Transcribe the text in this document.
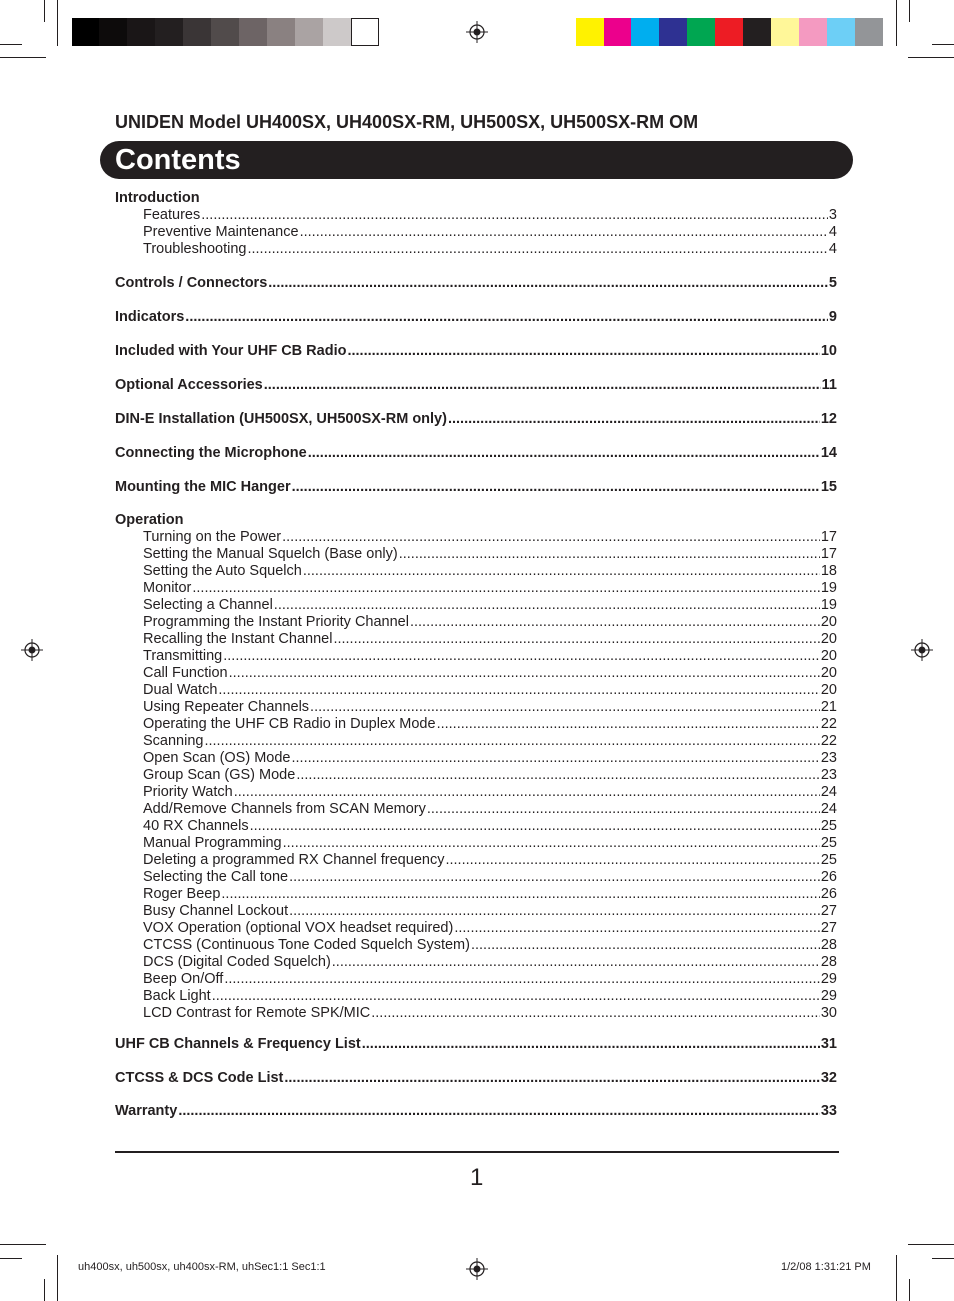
UNIDEN Model UH400SX, UH400SX-RM, UH500SX, UH500SX-RM OM
Contents
Introduction
Features .....	3
Preventive Maintenance .....	4
Troubleshooting .....	4
Controls / Connectors .....	5
Indicators .....	9
Included with Your UHF CB Radio .....	10
Optional Accessories .....	11
DIN-E Installation (UH500SX, UH500SX-RM only) .....	12
Connecting the Microphone .....	14
Mounting the MIC Hanger .....	15
Operation
Turning on the Power .....	17
Setting the Manual Squelch (Base only) .....	17
Setting the Auto Squelch .....	18
Monitor .....	19
Selecting a Channel .....	19
Programming the Instant Priority Channel .....	20
Recalling the Instant Channel .....	20
Transmitting .....	20
Call Function .....	20
Dual Watch .....	20
Using Repeater Channels .....	21
Operating the UHF CB Radio in Duplex Mode .....	22
Scanning .....	22
Open Scan (OS) Mode .....	23
Group Scan (GS) Mode .....	23
Priority Watch .....	24
Add/Remove Channels from SCAN Memory .....	24
40 RX Channels .....	25
Manual Programming .....	25
Deleting a programmed RX Channel frequency .....	25
Selecting the Call tone .....	26
Roger Beep .....	26
Busy Channel Lockout .....	27
VOX Operation (optional VOX headset required) .....	27
CTCSS (Continuous Tone Coded Squelch System) .....	28
DCS (Digital Coded Squelch) .....	28
Beep On/Off .....	29
Back Light .....	29
LCD Contrast for Remote SPK/MIC .....	30
UHF CB Channels & Frequency List .....	31
CTCSS & DCS Code List .....	32
Warranty .....	33
1
uh400sx, uh500sx, uh400sx-RM, uhSec1:1 Sec1:1	1/2/08 1:31:21 PM
